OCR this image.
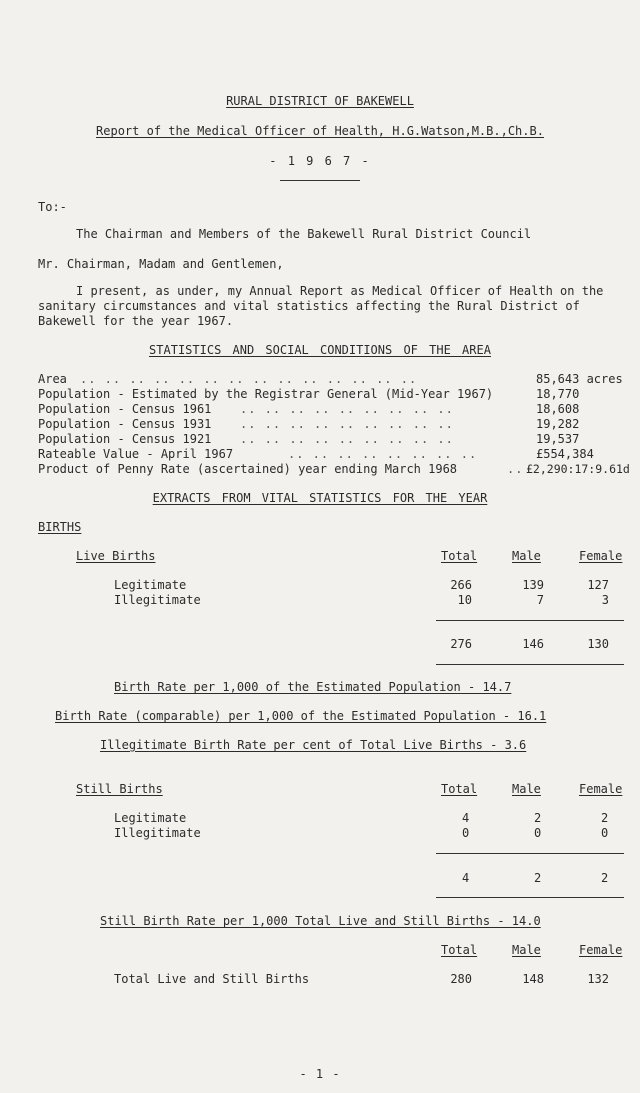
RURAL DISTRICT OF BAKEWELL
Report of the Medical Officer of Health, H.G.Watson,M.B.,Ch.B.
- 1 9 6 7 -
To:-
The Chairman and Members of the Bakewell Rural District Council
Mr. Chairman, Madam and Gentlemen,
I present, as under, my Annual Report as Medical Officer of Health on the
sanitary circumstances and vital statistics affecting the Rural District of
Bakewell for the year 1967.
STATISTICS AND SOCIAL CONDITIONS OF THE AREA
Area .. .. .. .. .. .. .. .. .. .. .. .. .. ..	85,643 acres
Population - Estimated by the Registrar General (Mid-Year 1967)	18,770
Population - Census 1961 .. .. .. .. .. .. .. .. ..	18,608
Population - Census 1931 .. .. .. .. .. .. .. .. ..	19,282
Population - Census 1921 .. .. .. .. .. .. .. .. ..	19,537
Rateable Value - April 1967	.. .. .. .. .. .. .. ..	£554,384
Product of Penny Rate (ascertained) year ending March 1968	.. £2,290:17:9.61d
EXTRACTS FROM VITAL STATISTICS FOR THE YEAR
BIRTHS
Live Births	Total	Male	Female
Legitimate	266	139	127
Illegitimate	10	7	3
276	146	130
Birth Rate per 1,000 of the Estimated Population - 14.7
Birth Rate (comparable) per 1,000 of the Estimated Population - 16.1
Illegitimate Birth Rate per cent of Total Live Births - 3.6
Still Births	Total	Male	Female
Legitimate	4	2	2
Illegitimate	0	0	0
4	2	2
Still Birth Rate per 1,000 Total Live and Still Births - 14.0
Total	Male	Female
Total Live and Still Births	280	148	132
- 1 -
